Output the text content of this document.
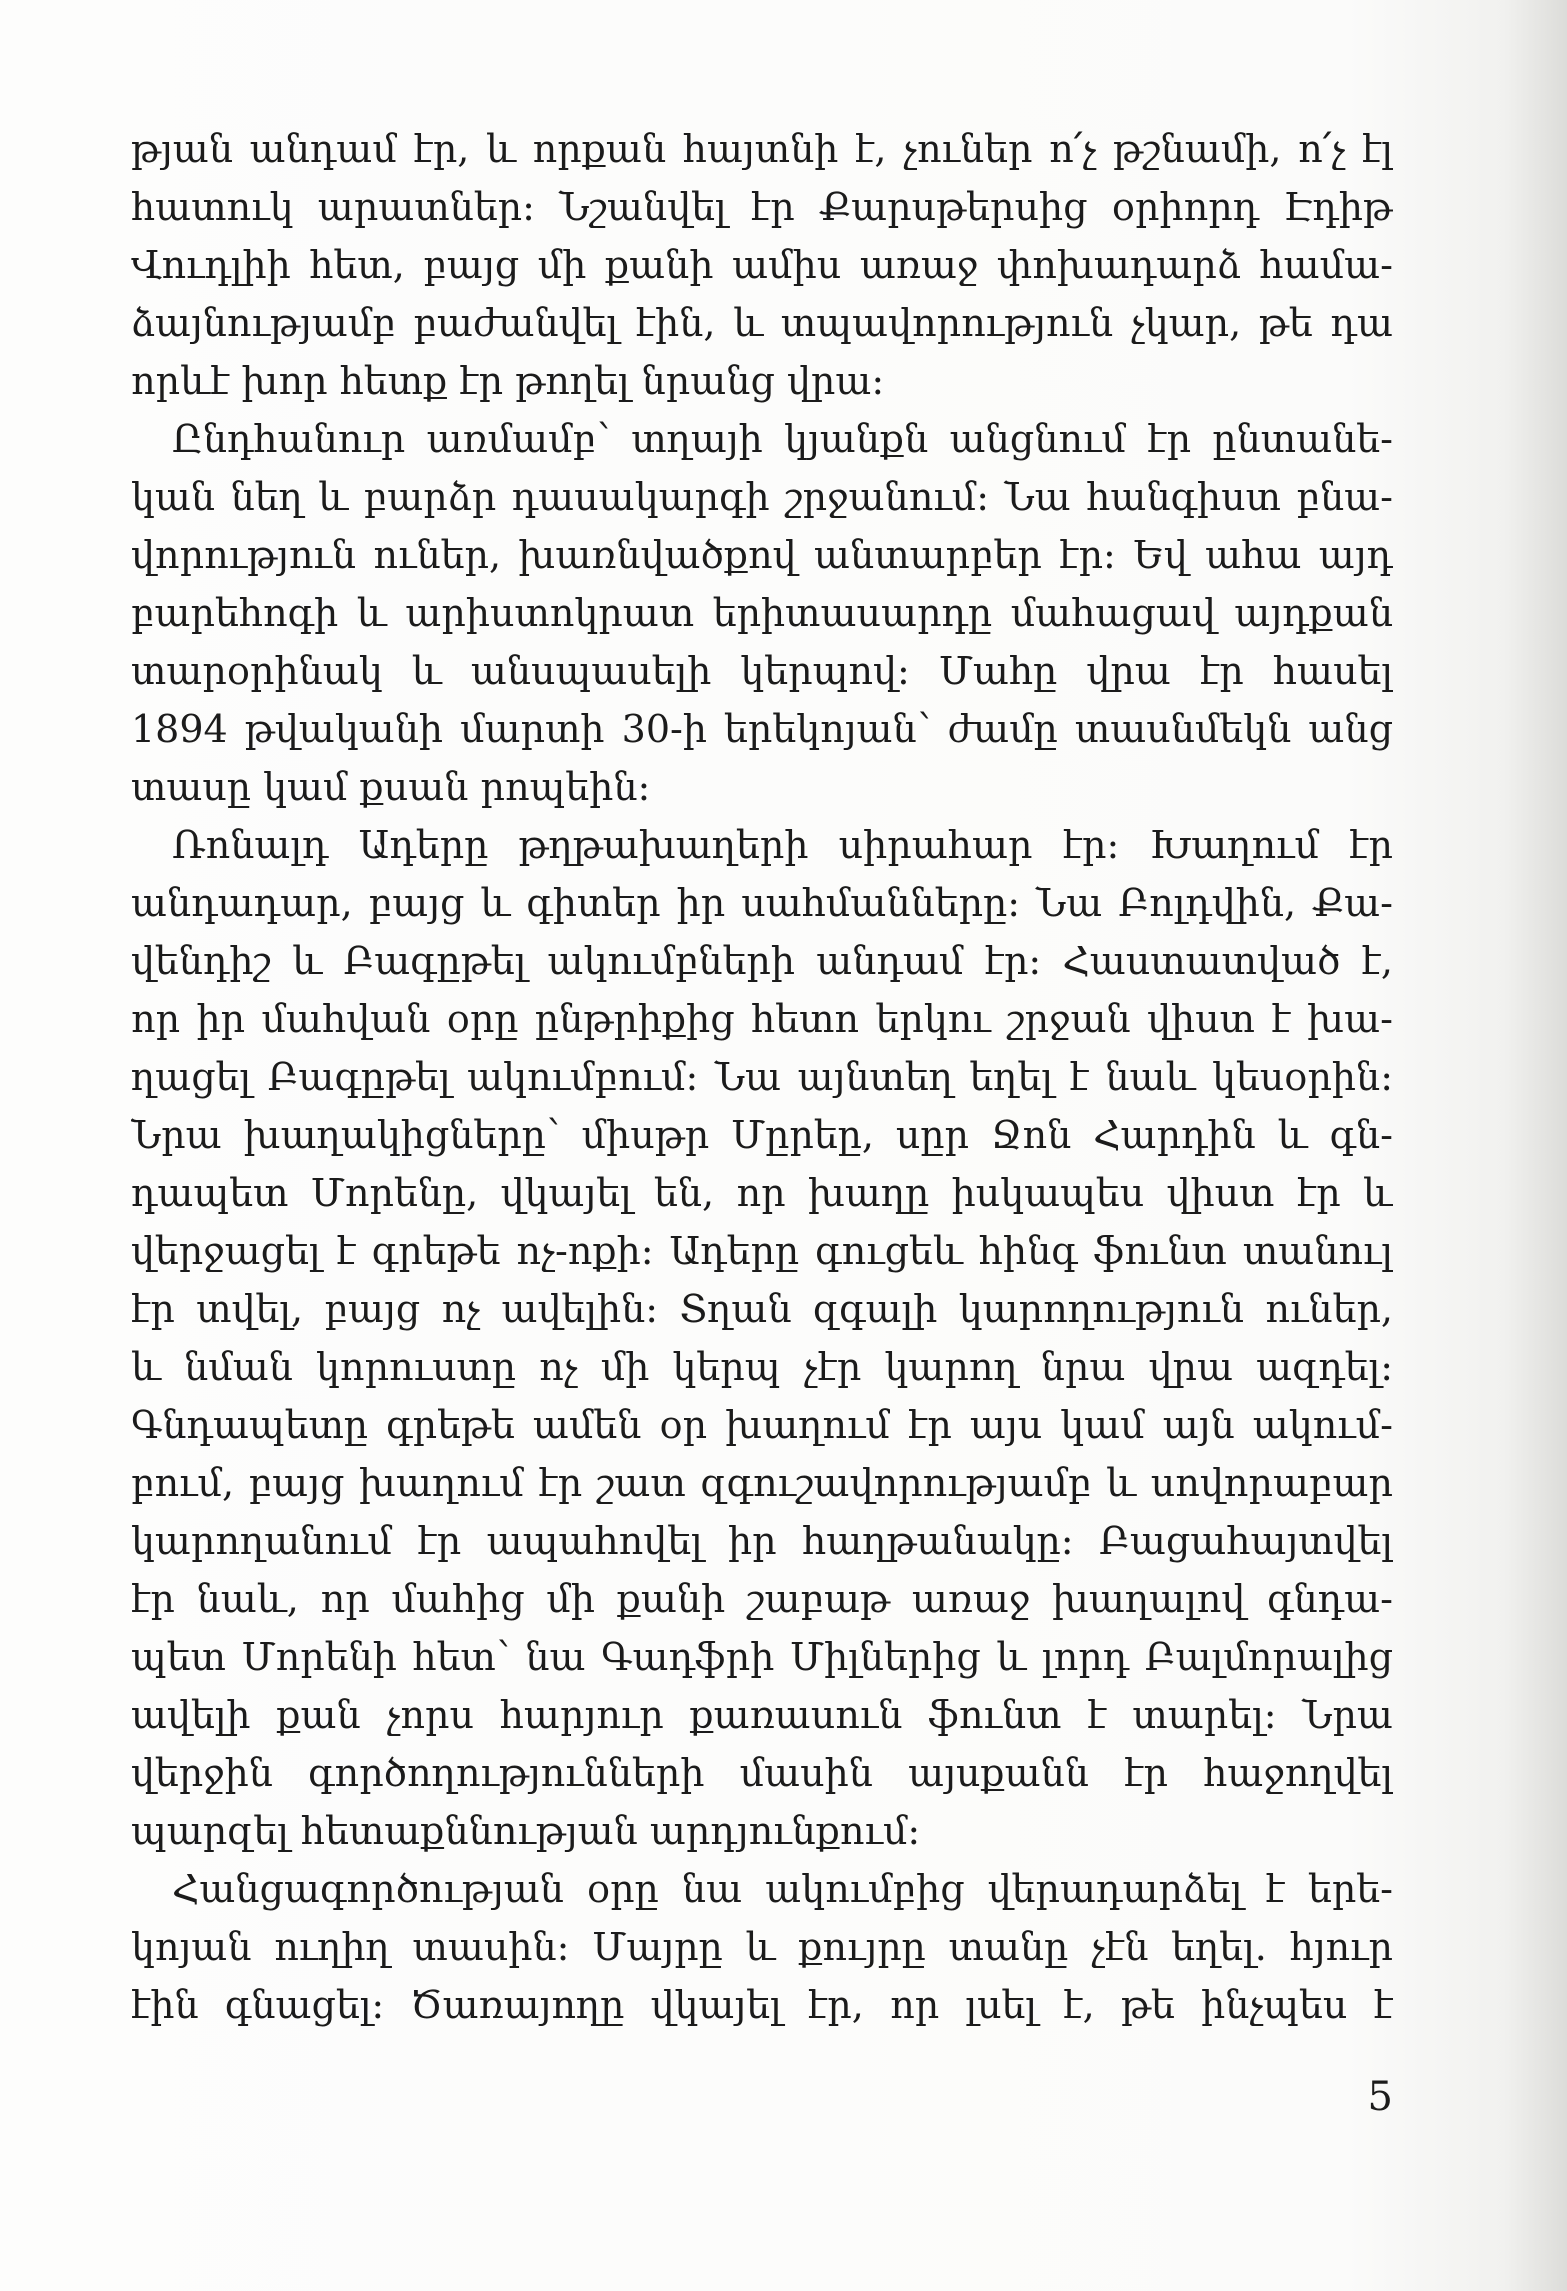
թյան անդամ էր, և որքան հայտնի է, չուներ ո՛չ թշնամի, ո՛չ էլ
հատուկ արատներ: Նշանվել էր Քարսթերսից օրիորդ Էդիթ
Վուդլիի հետ, բայց մի քանի ամիս առաջ փոխադարձ համա-
ձայնությամբ բաժանվել էին, և տպավորություն չկար, թե դա
որևէ խոր հետք էր թողել նրանց վրա:
Ընդհանուր առմամբ՝ տղայի կյանքն անցնում էր ընտանե-
կան նեղ և բարձր դասակարգի շրջանում: Նա հանգիստ բնա-
վորություն ուներ, խառնվածքով անտարբեր էր: Եվ ահա այդ
բարեհոգի և արիստոկրատ երիտասարդը մահացավ այդքան
տարօրինակ և անսպասելի կերպով: Մահը վրա էր հասել
1894 թվականի մարտի 30-ի երեկոյան՝ ժամը տասնմեկն անց
տասը կամ քսան րոպեին:
Ռոնալդ Ադերը թղթախաղերի սիրահար էր: Խաղում էր
անդադար, բայց և գիտեր իր սահմանները: Նա Բոլդվին, Քա-
վենդիշ և Բագըթել ակումբների անդամ էր: Հաստատված է,
որ իր մահվան օրը ընթրիքից հետո երկու շրջան վիստ է խա-
ղացել Բագըթել ակումբում: Նա այնտեղ եղել է նաև կեսօրին:
Նրա խաղակիցները՝ միսթր Մըրեը, սըր Ջոն Հարդին և գն-
դապետ Մորենը, վկայել են, որ խաղը իսկապես վիստ էր և
վերջացել է գրեթե ոչ-ոքի: Ադերը գուցեև հինգ ֆունտ տանուլ
էր տվել, բայց ոչ ավելին: Տղան զգալի կարողություն ուներ,
և նման կորուստը ոչ մի կերպ չէր կարող նրա վրա ազդել:
Գնդապետը գրեթե ամեն օր խաղում էր այս կամ այն ակում-
բում, բայց խաղում էր շատ զգուշավորությամբ և սովորաբար
կարողանում էր ապահովել իր հաղթանակը: Բացահայտվել
էր նաև, որ մահից մի քանի շաբաթ առաջ խաղալով գնդա-
պետ Մորենի հետ՝ նա Գադֆրի Միլներից և լորդ Բալմորալից
ավելի քան չորս հարյուր քառասուն ֆունտ է տարել: Նրա
վերջին գործողությունների մասին այսքանն էր հաջողվել
պարզել հետաքննության արդյունքում:
Հանցագործության օրը նա ակումբից վերադարձել է երե-
կոյան ուղիղ տասին: Մայրը և քույրը տանը չէն եղել. հյուր
էին գնացել: Ծառայողը վկայել էր, որ լսել է, թե ինչպես է
5
